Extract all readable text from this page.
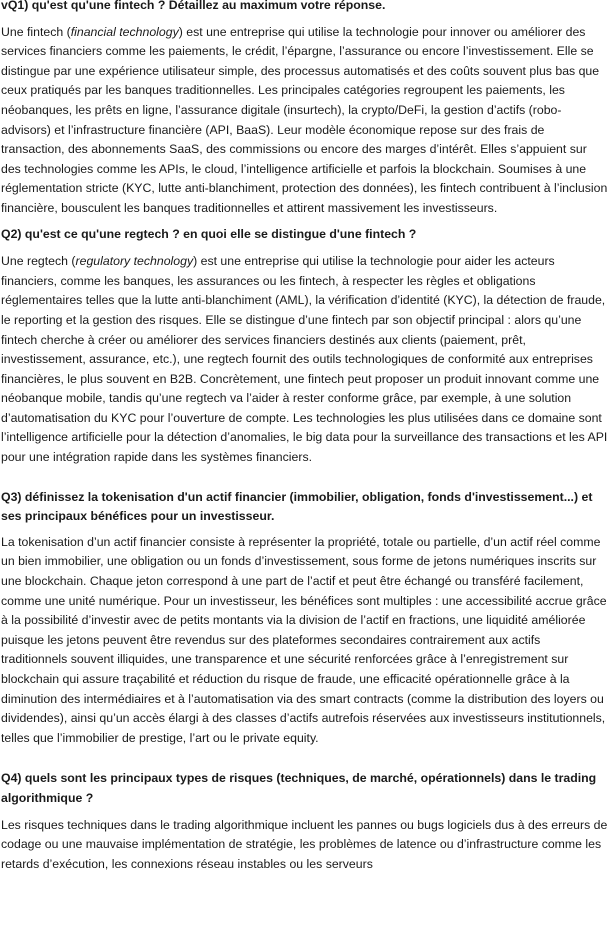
vQ1) qu'est qu'une fintech ? Détaillez au maximum votre réponse.

Une fintech (financial technology) est une entreprise qui utilise la technologie pour innover ou améliorer des services financiers comme les paiements, le crédit, l’épargne, l’assurance ou encore l’investissement. Elle se distingue par une expérience utilisateur simple, des processus automatisés et des coûts souvent plus bas que ceux pratiqués par les banques traditionnelles. Les principales catégories regroupent les paiements, les néobanques, les prêts en ligne, l’assurance digitale (insurtech), la crypto/DeFi, la gestion d’actifs (robo-advisors) et l’infrastructure financière (API, BaaS). Leur modèle économique repose sur des frais de transaction, des abonnements SaaS, des commissions ou encore des marges d’intérêt. Elles s’appuient sur des technologies comme les APIs, le cloud, l’intelligence artificielle et parfois la blockchain. Soumises à une réglementation stricte (KYC, lutte anti-blanchiment, protection des données), les fintech contribuent à l’inclusion financière, bousculent les banques traditionnelles et attirent massivement les investisseurs.

Q2) qu'est ce qu'une regtech ? en quoi elle se distingue d'une fintech ?

Une regtech (regulatory technology) est une entreprise qui utilise la technologie pour aider les acteurs financiers, comme les banques, les assurances ou les fintech, à respecter les règles et obligations réglementaires telles que la lutte anti-blanchiment (AML), la vérification d’identité (KYC), la détection de fraude, le reporting et la gestion des risques. Elle se distingue d’une fintech par son objectif principal : alors qu’une fintech cherche à créer ou améliorer des services financiers destinés aux clients (paiement, prêt, investissement, assurance, etc.), une regtech fournit des outils technologiques de conformité aux entreprises financières, le plus souvent en B2B. Concrètement, une fintech peut proposer un produit innovant comme une néobanque mobile, tandis qu’une regtech va l’aider à rester conforme grâce, par exemple, à une solution d’automatisation du KYC pour l’ouverture de compte. Les technologies les plus utilisées dans ce domaine sont l’intelligence artificielle pour la détection d’anomalies, le big data pour la surveillance des transactions et les API pour une intégration rapide dans les systèmes financiers.

Q3) définissez la tokenisation d'un actif financier (immobilier, obligation, fonds d'investissement...) et ses principaux bénéfices pour un investisseur.

La tokenisation d’un actif financier consiste à représenter la propriété, totale ou partielle, d’un actif réel comme un bien immobilier, une obligation ou un fonds d’investissement, sous forme de jetons numériques inscrits sur une blockchain. Chaque jeton correspond à une part de l’actif et peut être échangé ou transféré facilement, comme une unité numérique. Pour un investisseur, les bénéfices sont multiples : une accessibilité accrue grâce à la possibilité d’investir avec de petits montants via la division de l’actif en fractions, une liquidité améliorée puisque les jetons peuvent être revendus sur des plateformes secondaires contrairement aux actifs traditionnels souvent illiquides, une transparence et une sécurité renforcées grâce à l’enregistrement sur blockchain qui assure traçabilité et réduction du risque de fraude, une efficacité opérationnelle grâce à la diminution des intermédiaires et à l’automatisation via des smart contracts (comme la distribution des loyers ou dividendes), ainsi qu’un accès élargi à des classes d’actifs autrefois réservées aux investisseurs institutionnels, telles que l’immobilier de prestige, l’art ou le private equity.

Q4) quels sont les principaux types de risques (techniques, de marché, opérationnels) dans le trading algorithmique ?

Les risques techniques dans le trading algorithmique incluent les pannes ou bugs logiciels dus à des erreurs de codage ou une mauvaise implémentation de stratégie, les problèmes de latence ou d’infrastructure comme les retards d’exécution, les connexions réseau instables ou les serveurs
